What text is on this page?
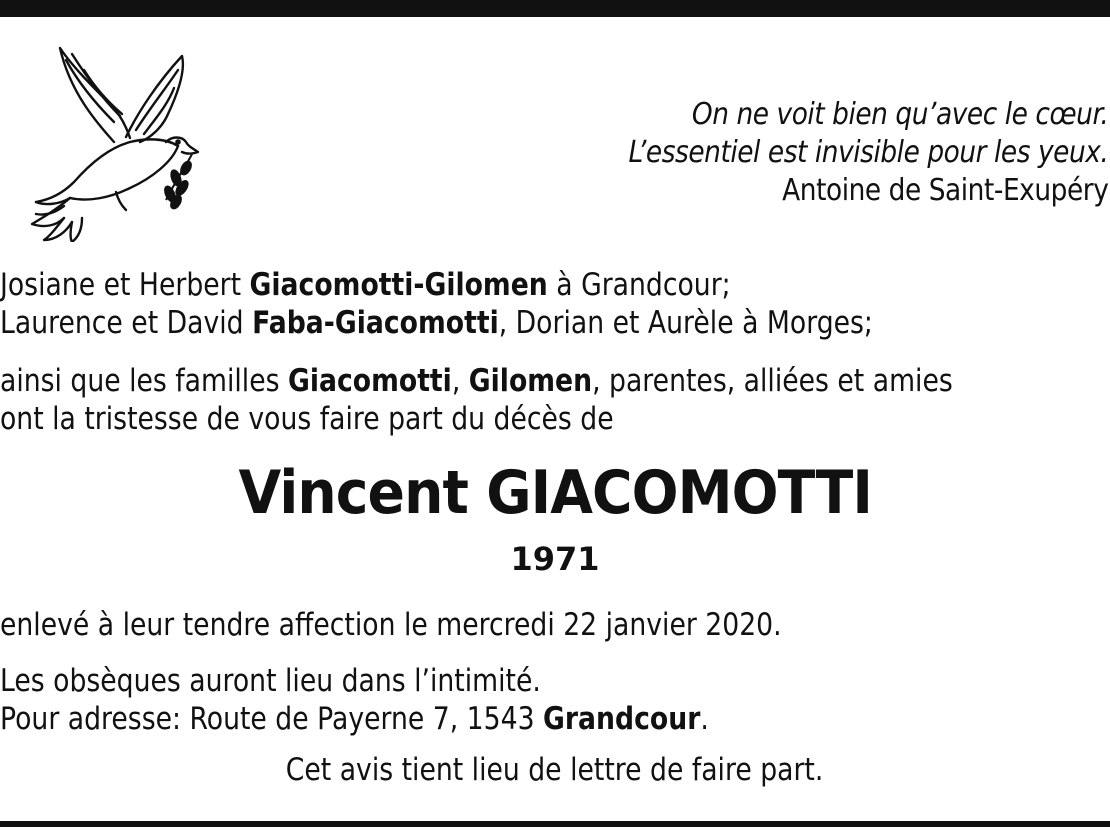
On ne voit bien qu’avec le cœur.
L’essentiel est invisible pour les yeux.
Antoine de Saint-Exupéry
Josiane et Herbert Giacomotti-Gilomen à Grandcour;
Laurence et David Faba-Giacomotti, Dorian et Aurèle à Morges;
ainsi que les familles Giacomotti, Gilomen, parentes, alliées et amies
ont la tristesse de vous faire part du décès de
Vincent GIACOMOTTI
1971
enlevé à leur tendre affection le mercredi 22 janvier 2020.
Les obsèques auront lieu dans l’intimité.
Pour adresse: Route de Payerne 7, 1543 Grandcour.
Cet avis tient lieu de lettre de faire part.
